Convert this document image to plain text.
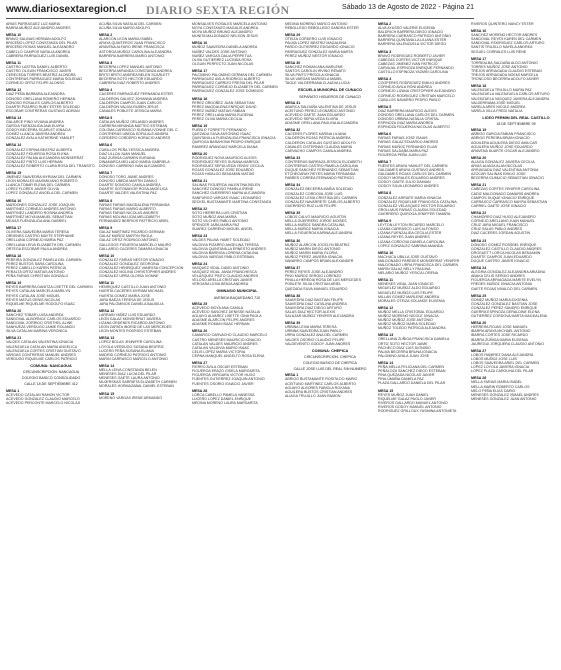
www.diariosextaregion.cl DIARIO SEXTA REGIÓN	Sábado 13 de Agosto de 2022 - Página 21
ARIAS PARRAGUEZ LUZ MARIA
BARRA MUÑOZ ALEJANDRO ANDRES
MESA 10
BRAVO SALINAS HERNAN ADOLFO
BRICEÑO LOPEZ CONSTANZA DEL PILAR
BRICEÑO ROSAS MANUEL ALEJANDRO
CABELLO CAMPOS NATALIA ANDREA
CABRERA PARRAGUEZ LUIS DANIEL
MESA 11
CASTRO LASTRA DANIEL ALBERTO
CASTRO OLGUIN FRANCISCO JAVIER
CERECEDA TORRES BEATRIZ ALONDRA
CONTRERAS PARRAGUEZ MARIA SOLEDAD
CORNEJO ORTIZ FELIPE ALONSO
MESA 12
DIAZ PEÑA BARBARA ALEJANDRA
DONOSO ORELLANA ROMERO HERNAN
DONOSO ROSALES CARLOS ALBERTO
DUARTE PIZARRO RUBY ESTER SOLEDAD
ESCOBAR CONTRERAS GUSTAVO ADRIAN
MESA 13
GALARCE PINO VIVIANA ANDREA
GARCIA FUENZALIDA ANA ELVIRA
GODOY BECERRA SCARLET IGNACIA
GOMEZ LLANCA JAVIERA ANDREA
GONZALEZ AYALA KATHERINE YAMILET
MESA 14
GONZALEZ ESPINA BEATRIZ ALBERTA
GONZALEZ FIGUEROA ROSA ELENA
GONZALEZ PALMA ALEJANDRA MONSERRAT
GONZALEZ PINTO LUIS HERNAN
GONZALEZ ROBERTO CLARA ROSA DEL TRANSITO
MESA 15
JIMENEZ SAAVEDRA MYRIAM DEL CARMEN
LEON MORALES MAXIMILIANO ROBERTO
LLANCA TOBAR ELENA DEL CARMEN
LOPEZ FLORES JAVIER OLIVIA
LOPEZ GONZALEZ ANGELA DEL CARMEN
MESA 16
MARDONES GONZALEZ JOSE JOAQUIN
MARTINEZ CORNEJO ANDRES ANTONIO
MARTINEZ LANDERO ROSINA ANDREA
MARTINEZ MOYA MANUEL SEBASTIAN
MEJIAS FUENZALIDA ANA GABRIEL
MESA 17
OLIVERA SAAVEDRA MARIA TERESA
ORDENES CASTRO MAYTE STEPHANIE
ORELLANA CORNEJO MARIA PAZ
ORELLANA LEIVA ELIZABETH DEL CARMEN
ORTEGA ESCOBAR PAULA ANDREA
MESA 18
PEREIRA GONZALEZ PAMELA DEL CARMEN
PEREZ BUSTOS SARA CAROLINA
PEREZ CABELLO KAREN PATRICIA
PERALTA ORTIZ MATIAS ANTONIO
PEÑA FARIAS CHRISTIAN GONZALO
MESA 19
REYES BARRERA DANITZA LISETTE DEL CARMEN
REYES CATALAN MARCELA MARILYN
REYES CATALAN JOSE MIGUEL
REYES MATUS DENIS NICOLAS
RIQUELME RIQUELME RODOLFO ISAAC
MESA 20
SANCHEZ TOBAR LUISA ANDREA
SANDOVAL ALBORNOZ CARLOS EDUARDO
SANDOVAL ZORRIDO CRISTHEL ALINE
SANHUEZA VERDUGO JAIME ROLANDO
SILVA CATALAN MARINA VERONICA
MESA 21
VALDES CATALAN VALENTINA IGNACIA
VALENZUELA CATALAN MARIA ANGELICA
VALENZUELA CORTES CRISTIAN GUSTAVO
VARGAS CONTRERAS MANUEL ANDRES
VERDUGO RIQUELME CARLOS PATRICIO
COMUNA: NANCAGUA
CIRCUNSCRIPCION: NANCAGUA
COLEGIO BASICO CONSOLIDADO
CALLE 18 DE SEPTIEMBRE 412
MESA 1
ACEVEDO CATALAN RAMON VICTOR
ACEVEDO GONZALEZ CLAUDIO MARCELO
ACEVEDO PERCONTE MARCELO NICOLAS
ACUÑA SILVA NATALIA DEL CARMEN
ACUÑA SILVA MARIO ADOLFO
MESA 2
ALARCON LEON MARIA ISABEL
ARAYA QUINTEROS JUAN FRANCISCO
ARAVENA ALFARO IRENE FRANCISCA
ASTORGA MUÑOZ CAROLINA ALEJANDRA
BARRERA BARRERA MARIO ANTONIO
MESA 3
BECERRA LOPEZ MANUEL ANTONIO
BECERRA MIRANDA CONSTANZA ANDREA
BRITO BRITO ANDREA BELEN SCARLETT
BECERRA SOTO HECTOR EDUARDO
CABRERA DIAZ ROBERTO ANDRES
MESA 4
CACERES PARRAGUEZ FERNANDA ESTER
CALDERON GALVEZ JOHANNA ANDREA
CALDERON CAMPOS JUAN CARLOS
CALDERON VALDIA RUBEN JESUS
CANALES POBLETE JESSICA MARIA
MESA 5
CATALAN MUÑOZ ORLANDO ANDRES
CARRERA MIRANDA MATTEO ESTEBAN
COLOMA CARRASCO SUSANA IVONNE DEL C.
CONTRERAS UBEDA SOFIA ALEJANDRA
CORDERO CORDERO HORACIO ANDRES
MESA 6
CUBILLOS PEÑA YESSICA ANDREA
DIAZ ULLOA JUAN MANUEL
DIAZ ZUÑIGA CARMEN EURIANA
DINAMARCA MELLADO MARIA GABRIELA
DONOSO CARRENO IVAN ALEJANDRO
MESA 7
DONOSO TORO JAIME ANDRES
DONOSO UBEDA MARTIN DANILO
DUARTE DONOSO CAMILA ANDREA
DUARTE SOTOMAYOR ROSA ANGELICA
DUARTE VALDES VALENTINA PAZ
MESA 8
FARIAS FARIAS MAGDALENA FERNANDA
FARIAS FARIAS MARIO ALBERTO
FARIAS FARIAS NICOLAS ANDRES
FARIAS MOLINA LIDIA MELIZABETH
FERNANDEZ BERRIOS PATTRICIO ARIEL
MESA 9
GALAZ MARTINEZ RICARDO GERMAN
GALAZ MUÑOZ MARTIN PAOLA
GALAZ ORTIZ RODRIGO ANTONIO
GALLEGOS FIGUEROA MARCELO MAURO
GALLARDO CACERES TAMARA IGNACIA
MESA 10
GONZALEZ FARIAS NESTOR IGNACIO
GONZALEZ GONZALEZ GEORGINA
GONZALEZ HENRIQUEZ VANESSA CONCEPCION
GONZALEZ MOLINA CHRISTOPHER ANDRES
GONZALEZ URRA GLORIA IVONNE
MESA 11
HENRIQUEZ CASTILLO JUAN ANTONIO
HUERTA CACERES MYRIAM MICHAEL
HUERTA GOMEZ MARIA JOSE
JARA BAEZA TERESA DE JESUS
JARA PALOMINOS DANIELA BAUDILIA
MESA 12
LARRAIN YAÑEZ LUIS EDUARDO
LEON GALAZ MONSERRAT JAVIERA
LIZANA ORDENES RICARDO ANTONIO
LEON ZAPATA INGRID DE LAS MERCEDES
LEON MONTES RODRIGO ESTEBAN
MESA 13
LOPEZ BOLAS JENNIFER CAROLINA
LOYOLA VERDUGO SUSANA BEATRIZ
LUCERO PEÑA SUSANA ELIANA
MADRID CORNEJO PATRICIO ANTONIO
MARIN CARRASCO MARCELO ANTONIO
MESA 14
MELLA LEIVA CONSTANZA BELEN
MENESES DIAZ LUCIA DEL PILAR
MENESES GAETE LAURA ANTONIO
MUJERSKAS SARRIETA ELIZABETH CARMEN
MORALES HORMAZABAL DANIEL ESTEBAN
MESA 15
MORENO VARGAS IRENE ARMANDO
MONSALVES ROSALES MARCELA ANTONIO
MOYA CONSTANZO MAGALIS ANDREA
MOYA MUÑOZ BRUNO ALEJANDRO
MUNITA MALDONADO NELSON JESUS
MESA 16
MUÑOZ SAAVEDRA DANIELA ANDREA
NUÑEZ VALDES JOSE ANTONIO
NUÑEZ VARGAS DALIA PERPETUA
OLIVA GUTIERREZ LUCINDA ROSA
OLGUIN PERFECTO JUAN NICOLAS
MESA 17
PALOMINO PALOMINO GERMAN DEL CARMEN
PARRAGUEZ AVILA RODRIGO ALBERTO
PARRAGUEZ CARRIZO FRESIA DEL PILAR
PARRAGUEZ CORNEJO ELIZABETH DEL CARMEN
PARRAGUEZ GONZALEZ JOSE DOMINGO
MESA 18
PEREZ ORDOÑEZ JUAN SEBASTIAN
PEREZ MAGDALENA ENRIQUE DAVID
PEREZ NUÑEZ MATIAS FABIAN
PEREZ ORELLANA MARIA EUGENIA
PEREZ OLIVA MARIA CECILIA
MESA 19
PUEBLO TORRETTI FERNANDO
QUEZADA SILVA ANTONINO ISAAC
QUINTANILLA FUENZALIDA FRANCISCA IGNACIA
QUIROGA BARAHONA PEDRO ENRIQUE
RAMIREZ ARANGUIZ MARCELA DIANA
MESA 20
RODRIGUEZ NOVA MAURICIO ALEXIS
RODRIGUEZ REYES SUSANA MARISOL
RODRIGUEZ SEPULVEDA YENNY CECILIA
ROJAS GONZALEZ JOSE EDUARDO
ROJAS HIDALGO BENJAMIN MATIAS
MESA 21
SALINAS FIGUEROA VALENTINA BELEN
SANCHEZ DONOSO PAMELA IRENE
SANCHEZ GUERRERO MARIA ALEJANDRA
SANFURGO VARGAS ISAAC LEONARDO
SECKEL BUSTAMANTE MARTINA CONSTANZA
MESA 22
SOTO HERRERA LUIS CRISTIAN
SOTO MUÑOZ ANA MARIA
SOTO VILCHES PABLO ANTONIO
SPENCER JARA MARIA PAZ
SUAREZ CARRENO MIGUEL ANGEL
MESA 23
VALDES PALMA YAMET SOLEDAD
VALDIVIA PIZARRO ANGELINA TERESA
VALDIVIA QUINTANILLA ERNESTO ANDRES
VALDIVIA BARRIGA LORENA CATALINA
VALDIVIA VARGAS PABLO ESTEBAN
MESA 24
VASQUEZ VIDAL DAVID ANTONIO
VASQUEZ VIDAL JANIA FRANCHESCA
VELASQUEZ PINTO CLAUDIO ANDRES
VELOSO ARELLA CRISTIAN JAVIER
VERGARA LEIVA BENJA ANDREA
GIMNASIO MUNICIPAL
AVENIDA BAQUEDANO 710
MESA 25
ACEVEDO MOYA ANA CAMILA
ACEVEDO SANCHEZ DENISSE NATALIA
AGUAYO ALVAREZ LISETTE GINA PAOLA
ADASME ALARCON FELIPE ANDRES
ADASME ROMAN ISAAC HERNAN
MESA 26
CAMARGO CARVACHO CLAUDIO MARCELO
CASTRO MENESES MAURICIO IGNACIO
CATALAN VALDES MAURICIO ANDRES
CATALAN VALDIVIA MARIO ISAAC
CELIS LOPEZ MARIA VICTORIA
CERNA MANQUEL ANGELTO ROSA ELENA
MESA 27
FIERRO AVILA OSCAR ESTEBAN
FIGUEROA ERAZO GISELA MARGARITA
FIGUEROA VERGARA VICTOR HUGO
FUENTES GUTIERREZ JOAQUIN ANTONIO
FUENTES OSORIO IGNACIO JAVIER
MESA 28
LORCA CABELLO PAMELA VANESSA
LUCERO LOPEZ DANIEL ENRIQUE
MEDINA MORENO LAURA MARGARITA
MEDINA MORENO MARCO ANTONIO
REBOLLEDO REBOLLEDO SANDRA ESTER
MESA 29
OTEIZA CORDERO LUIS IGNACIO
PALMA LOPEZ BEATRIZ MAGALENA
PARDO GUTIERREZ EDGARDO IGNACIO
PARRAGUEZ GONZALEZ MARIA MARTA
PEREZ MUÑOZ NESTOR IGNACIO
MESA 30
SANCHEZ ROMAN ANA MARLENE
SANTOS CAROLIN IRVING RENATO
SILVA PINTO PRISCILA IGNACIA
SILVA VARGAS MARISELA MABEL
TAGLE VALDERRAMA CLAUDIA LUCIA
ESCUELA MUNICIPAL DE CUNACO
SEPARATO HIGUEROS DE CUNACO
MESA 31
ABARCA SALDAÑA VALENTINA DE JESUS
ACEITUNO PEREZ LEONARDO ANTONIO
ACEVEDO GAETE JUAN EDUARDO
ACEVEDO SEPULVEDA ELVIRA
ADASME ORELLANA PAULINA ALEJANDRA
MESA 32
CACERES FLORES KARINA LILIANA
CALDERON ROJAS PATRICIA ANDREA
CALDERON CATALAN GUSTAVO ADOLFO
CANALES CISTERNAS CLAUDIA MARIA
CARVACHO CAMPOS CAMILA ANDREA
MESA 33
CONTRERAS BARRAZA JESSICA ELIZABETH
CONTRERAS CASTRO PAMELA CAROLINA
DUQUE SANCHEZ FERNANDO SEBASTIAN
ETCHEGARAY REYES MARIA FERNANDA
FABRES CORREA FERNANDO PATRICIO
MESA 34
GONZALEZ BECERRA MARIA SOLEDAD
GONZALEZ CORDOVA JOSE LUIS
GONZALEZ LEIVA CRISTINA DEL CARMEN
GONZALEZ NAVARRETE CARLOS ALBERTO
GUERRERO RUZ LUIS FELIPE
MESA 35
LOBOS CALVO MAURICIO AGUSTIN
MELLA GUERRERO JORGE MOISES
MELLA MUÑOZ SANDRA CATALINA
MELLA MUÑOZ MARIA IGNACIA
MELLA FIGUEROA KARINA ALEJANDRA
MESA 36
MUÑOZ ALARCON JOCELYN BEATRIZ
MUÑOZ MARIN DIEGO ANTONIO
MUÑOZ MARIN MARIA GLORIA
MUÑOZ PEREZ JAVIERA IGNACIA
NAVARRO CAMPOS BRIAN ALEXANDER
MESA 37
PEREZ REYES JOSE ALEJANDRO
PINO MUÑOZ SERGIO LORENZO
PINILLA HEREDIA ROSA DE LAS MERCEDES
POBLETE SILVA CRISTIAN ARIEL
QUEZADA SILVA MANUEL EDUARDO
MESA 38
SAAVEDRA DIAZ BASTIAN FELIPE
SAAVEDRA DIAZ CATALINA ANDREA
SAAVEDRA DIAZ DIEGO ARTURO
SALAS DIAZ HECTOR ALEXIS
SALAZAR MUÑOZ YENIFER ALEJANDRA
MESA 39
URBINA LEIVA MARIA TERESA
URBINA SAAVEDRA JUAN PABLO
URRA GONZALEZ ANA DEL CARMEN
VALDES OSORIO CLAUDIO FELIPE
VALDEVENITO GODOY JUAN ANDRES
COMUNA: CHEPICA
CIRCUNSCRIPCION: CHEPICA
COLEGIO BASICO DE CHEPICA
CALLE JOSE LUIS DEL REAL S/N NUMERO
MESA 1
ABRIGO BUSTAMANTE ROSITA DO MARIO
ACEITUNO MARTINEZ CARLOS ALBERTO
AGUAYO ALBORES FABIOLA ROXANA
AGUILERA BUSTOS CRISTIAN ANDRES
ALIAGA TRUJILLO JUAN RAMON
MESA 2
ALVA AYUSSO VALERIE EUGENIA
BALDRICH BARRERA DIEGO IGNACIO
BARRERA CARRASCO PATRICIO ANTONIO
BARRERA QUINTANILLA LILIANA ESTER
BARRERA VALENZUELA VICTOR DIEGO
MESA 3
BRAVO RODRIGUEZ ROBERTO JAVIER
CABEZAS CORTES VICTOR ENRIQUE
CABEZAS JIMENEZ IVAN PATRICIO
CARVAJAL ESPINOZA ENRIQUE FERNANDO
CASTILLO ESPINOZA YAZMIN CAROLINA
MESA 4
COOPERES RODRIGUEZ EMILIO ANDRES
CORNEJO AVILA RONI ANDREA
CORNEJO LIZANA CRISTOPHER ALEJANDRO
CORNEJO RODRIGUEZ CRISTIAN MARCELO
CUBILLOS NAVARRO PEDRO PABLO
MESA 5
DIAZ BARRERA MAURICIO ALEXIS
DONOSO ORELLANA CARLOS DEL CARMEN
DONOSO URBINA NATALIA CRISTAL
ESPINOZA DIAZ MARIA ANDREA
ESPINOZA FIGUEROA NICOLAS ALBERTO
MESA 6
FARIAS FARIAS JOSE ISAIAS
FARIAS GALAZ EDUARDO ANDRES
FARIAS MUÑOZ FERNANDO ELIAS
FARIAS SALDAÑA MARIA PAZ
FIGUEROA PEÑA JUAN LUIS
MESA 7
FUENTES ARAYA YAMILET DEL CARMEN
GALDAMES ARAYA GUSTAVO ANDRES
GALDAMES ROJAS CARLOS DEL CARMEN
GODOY MORALES EDUARDO ANDRES
GODOY GAETE JULIO DAMIAN
GODOY SILVA LEONARDO ANDRES
MESA 8
GONZALEZ ARRIATE MARIA IGNACIA
GONZALEZ RIQUELME FRANCISCA CATALINA
GONZALEZ VELASQUEZ HECTOR EDUARDO
GROLLMUS FARIAS CLAUDIA SOLEDAD
GUERRERO QUIROGA JENIFFER TAMARA
MESA 9
LEYTON LEYTON RICARDO MARCELO
LIZANA CARRASCO LUIS ALFONSO
LIZANA FUENZALIDA CECILIA ESTER
LIZANA REYES JUAN ANDRES
LIZANA CORDOVA DANIELA CAROLINA
LOPEZ GONZALEZ SABRINA AMANDA
MESA 10
MACHUCA UBILLA JOSE GUSTAVO
MALDONADO PAREDES MONSERRAT YENIFER
MALDONADO URRA FRANCISCA DEL CARMEN
MARIN GALAZ NELLY PAULINA
MELARIO MUÑOZ YESICA LORENA
MESA 11
MENESES VIDAL JUAN IGNACIO
MIGUELEZ MUÑOZ ALDO EDUARDO
MIGUELEZ MUÑOZ LUIS FELIPE
MILLAN GOMEZ MARLENE ANDREA
MORALES OTEIZA SOLANGE EUGENIA
MESA 12
MUÑOZ MELLA CRISTOBAL EDUARDO
MUÑOZ MORENO NICOLE IGNACIA
MUÑOZ MUÑOZ JOSE ANTONIO
MUÑOZ MUÑOZ MARIA SOLEDAD
MUÑOZ TOLEDO PATRICIA ALEJANDRA
MESA 13
ORELLANA ZUÑIGA FRANCISCA DANIELA
ORTIZ SOTO HECTOR JAIME
PACHECO DÍAZ LUIS DIONISIO
PALMA BECERRA BRUNA IGNACIA
PALOMINO AYALA JUAN JOSE
MESA 14
PEÑA MELLA FELICIANA DEL CARMEN
PEÑALOZA SANCHEZ DIEGO ESTEBAN
PINA QUEZADA NICOLAS JAVIER
PINA UMAÑA DANIELA PAZ
PLAZA GALLARDO DANIELA DEL PILAR
MESA 15
REYES MUÑOZ JUAN DANIEL
RIQUELME GALAZ PAOLO JAVIER
RIVEROS GALLARDO MANUEL ANTONIO
RIVEROS GODOY MANUEL ANTONIO
RODRIGUEZ GRILLOUX YASMINA ANTONIETA
RIVEROS QUINTERO NANCY ESTER
MESA 16
SANCHEZ MORENO HECTOR ANDRES
SANDOVAL REYES KAREN DEL CARMEN
SANDOVAL RODRIGUEZ CARLOS ARTURO
SANTIS TRUJILLO NAYELA ANDREA
SEGUEL CORRALES LUIS RENE
MESA 17
TORREALBA SALDAÑA ALDO ANTONIO
TORRES MUÑOZ JOSE ANTONIO
TREJOS ARRIAGADA CLAUDIO ESTEBAN
TREJOS ARRIAGADA NOEMI MARCELA
TRONCOSO BECERRA ADOLFO JAVIER
MESA 18
VALENZUELA TRUJILLO MARIA PAZ
VALENZUELA VALENZUELA CARLOS ARTURO
VALENZUELA VASQUEZ JAVIERA ALEJANDRA
VALDERRAMA JOSE MIGUEL
VARELA ARES NICOLE ANDREA
VARELA VILLA FREDI NATALIA
LICEO FERMIN DEL REAL CASTILLO
18 DE SEPTIEMBRE 99
MESA 19
ABRIGO GARCIA FABIAN FRANCISCO
ABRIGO PEREIRA BRIAN IGNACIO
AGUILERA AGUILERA DIEGO AMILCAR
AGUILERA MUÑOZ JOSE EDUARDO
ARAVENA DUARTE OSCAR ALEJANDRO
MESA 20
ALIAGA GONZALEZ JAVIERA CECILIA
ARIAS ALIAGA ALAN NICOLAS
ARRIAGADA DIAZ VALENTINA ANTONIA
AZOCAR SALINAS EMILIO JOSE
BECERRA GUMUCIO SEBASTIAN IGNACIO
MESA 21
CABEZAS CORTES YENIFER CAROLINA
CADIZ MALDONADO DAMARIS ANDREA
CAMPOS DUQUE IGNACIO ENRIQUE
CARRASCO CARRASCO MAYRA SEBASTIAN
CARRIEL GAETE JOSE IGNACIO
MESA 22
CHAMORRO DIAZ HUGO ALEJANDRO
CORNEJO ARELLANO JUAN MANUEL
CRUZ JARA MIGUEL FRANCISCO
CRUZ SALAS PABLO ANDRES
DIAZ CACERES JORDAN AGUSTIN
MESA 23
DONOSO GOMEZ ROSSBEL ENRIQUE
GONZALEZ CASTILLO CLAUDIO ANDRES
DROGUETT LORCA NICOLAS BENJAMIN
DUARTE CAMPOS JUAN EDUARDO
DUQUE CASTRO JAVIER IGNACIO
MESA 24
ALEGRIA GONZALEZ ALEJANDRA ARIADNA
ABAKA CELIS SERGIO ANDRES
FIGUEROA ARRIAGADA MARITE EVELYN
FREDES MUÑOZ IGNACIA ANTONIA
GAETE ROJAS NIVALDO DEL CARMEN
MESA 25
GOMEZ MUÑOZ MARIA EUGENIA
GONZALEZ GONZALEZ BASTIAN JOSE
GONZALEZ PEREZ SANDRO ENRIQUE
GUERRA ESPINOZA GERALDINE ELENA
GUTIERREZ CORDOVA MARTA MAGDALENA
MESA 26
HERRERA ROJAS JOSE MANUEL
IBARRA ARAYA MICHAEL ANTONIO
IBARRA CORTES JOSE RICARDO
IBARRA ZUÑIGA MARIA EUGENIA
JAUREGUI JORQUERA CLAUDIO ANTONIO
MESA 27
LOBOS RAMIREZ DANA ALEJANDRA
LOBOS MUÑOZ JOSE LUIS
LOBOS SAAVEDRA ARIEL DEL CARMEN
LOPEZ LOYOLA JAVIERA IGNACIA
LOPEZ PLAZA CAROLINA DEL PILAR
MESA 28
MELLA FARIAS MARIA ISABEL
MELLA MARIN ROBERTO CARLOS
MELO PEÑA ELIAS DARIO
MENESES GONZALEZ ISMAEL ANDRES
MENESES GONZALEZ JUAN ANTONIO
